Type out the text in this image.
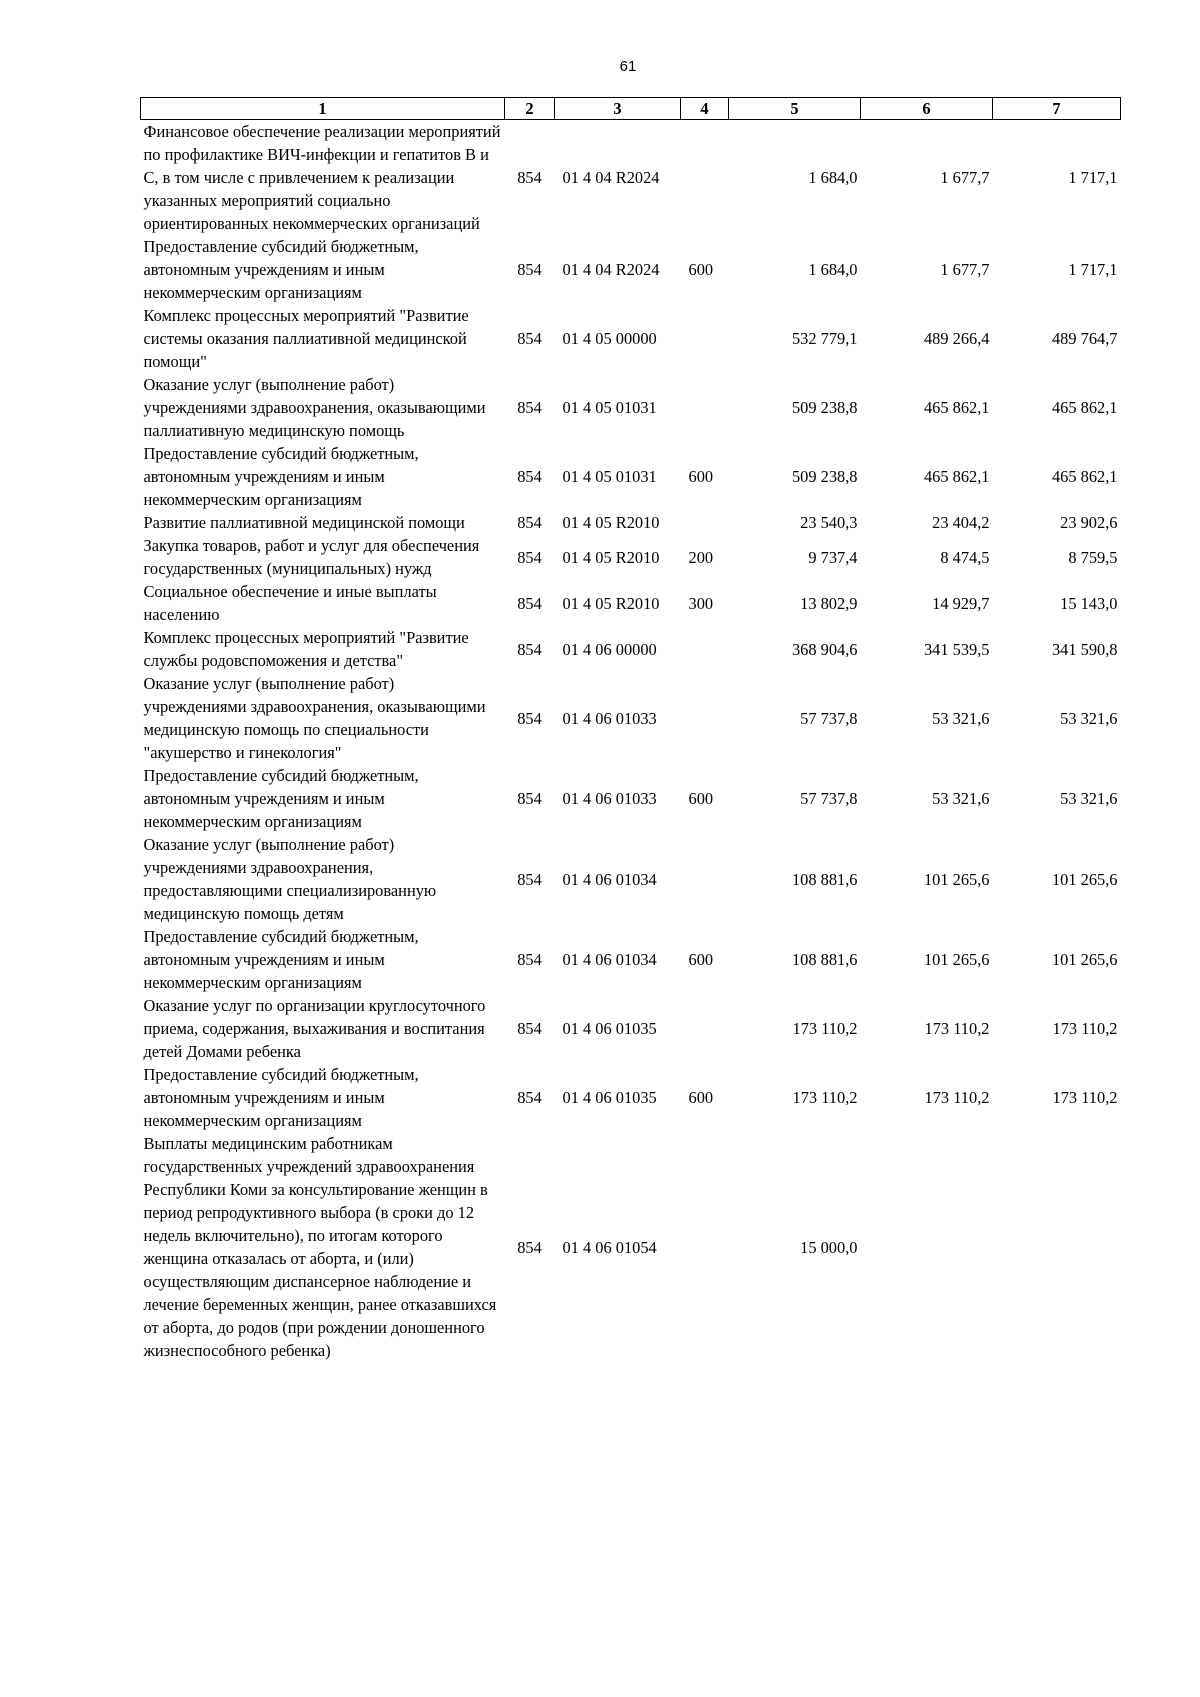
61
1	2	3	4	5	6	7
Финансовое обеспечение реализации мероприятий по профилактике ВИЧ-инфекции и гепатитов В и С, в том числе с привлечением к реализации указанных мероприятий социально ориентированных некоммерческих организаций	854	01 4 04 R2024		1 684,0	1 677,7	1 717,1
Предоставление субсидий бюджетным, автономным учреждениям и иным некоммерческим организациям	854	01 4 04 R2024	600	1 684,0	1 677,7	1 717,1
Комплекс процессных мероприятий "Развитие системы оказания паллиативной медицинской помощи"	854	01 4 05 00000		532 779,1	489 266,4	489 764,7
Оказание услуг (выполнение работ) учреждениями здравоохранения, оказывающими паллиативную медицинскую помощь	854	01 4 05 01031		509 238,8	465 862,1	465 862,1
Предоставление субсидий бюджетным, автономным учреждениям и иным некоммерческим организациям	854	01 4 05 01031	600	509 238,8	465 862,1	465 862,1
Развитие паллиативной медицинской помощи	854	01 4 05 R2010		23 540,3	23 404,2	23 902,6
Закупка товаров, работ и услуг для обеспечения государственных (муниципальных) нужд	854	01 4 05 R2010	200	9 737,4	8 474,5	8 759,5
Социальное обеспечение и иные выплаты населению	854	01 4 05 R2010	300	13 802,9	14 929,7	15 143,0
Комплекс процессных мероприятий "Развитие службы родовспоможения и детства"	854	01 4 06 00000		368 904,6	341 539,5	341 590,8
Оказание услуг (выполнение работ) учреждениями здравоохранения, оказывающими медицинскую помощь по специальности "акушерство и гинекология"	854	01 4 06 01033		57 737,8	53 321,6	53 321,6
Предоставление субсидий бюджетным, автономным учреждениям и иным некоммерческим организациям	854	01 4 06 01033	600	57 737,8	53 321,6	53 321,6
Оказание услуг (выполнение работ) учреждениями здравоохранения, предоставляющими специализированную медицинскую помощь детям	854	01 4 06 01034		108 881,6	101 265,6	101 265,6
Предоставление субсидий бюджетным, автономным учреждениям и иным некоммерческим организациям	854	01 4 06 01034	600	108 881,6	101 265,6	101 265,6
Оказание услуг по организации круглосуточного приема, содержания, выхаживания и воспитания детей Домами ребенка	854	01 4 06 01035		173 110,2	173 110,2	173 110,2
Предоставление субсидий бюджетным, автономным учреждениям и иным некоммерческим организациям	854	01 4 06 01035	600	173 110,2	173 110,2	173 110,2
Выплаты медицинским работникам государственных учреждений здравоохранения Республики Коми за консультирование женщин в период репродуктивного выбора (в сроки до 12 недель включительно), по итогам которого женщина отказалась от аборта, и (или) осуществляющим диспансерное наблюдение и лечение беременных женщин, ранее отказавшихся от аборта, до родов (при рождении доношенного жизнеспособного ребенка)	854	01 4 06 01054		15 000,0		
